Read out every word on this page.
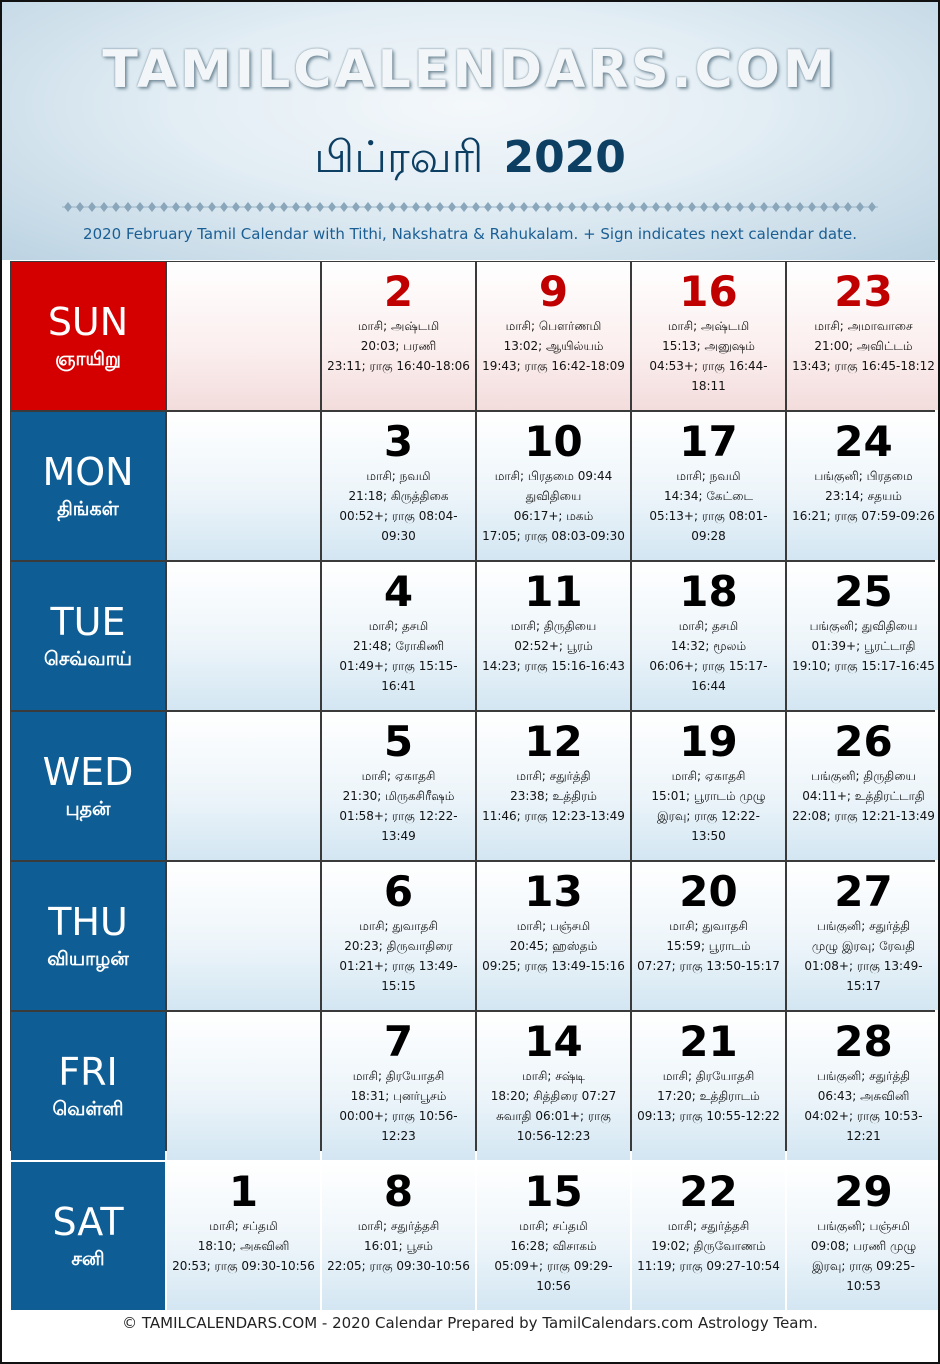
TAMILCALENDARS.COM
பிப்ரவரி 2020
2020 February Tamil Calendar with Tithi, Nakshatra & Rahukalam. + Sign indicates next calendar date.
SUN
ஞாயிறு
2
மாசி; அஷ்டமி
20:03; பரணி
23:11; ராகு 16:40-18:06
9
மாசி; பௌர்ணமி
13:02; ஆயில்யம்
19:43; ராகு 16:42-18:09
16
மாசி; அஷ்டமி
15:13; அனுஷம்
04:53+; ராகு 16:44-
18:11
23
மாசி; அமாவாசை
21:00; அவிட்டம்
13:43; ராகு 16:45-18:12
MON
திங்கள்
3
மாசி; நவமி
21:18; கிருத்திகை
00:52+; ராகு 08:04-
09:30
10
மாசி; பிரதமை 09:44
துவிதியை
06:17+; மகம்
17:05; ராகு 08:03-09:30
17
மாசி; நவமி
14:34; கேட்டை
05:13+; ராகு 08:01-
09:28
24
பங்குனி; பிரதமை
23:14; சதயம்
16:21; ராகு 07:59-09:26
TUE
செவ்வாய்
4
மாசி; தசமி
21:48; ரோகிணி
01:49+; ராகு 15:15-
16:41
11
மாசி; திருதியை
02:52+; பூரம்
14:23; ராகு 15:16-16:43
18
மாசி; தசமி
14:32; மூலம்
06:06+; ராகு 15:17-
16:44
25
பங்குனி; துவிதியை
01:39+; பூரட்டாதி
19:10; ராகு 15:17-16:45
WED
புதன்
5
மாசி; ஏகாதசி
21:30; மிருகசிரீஷம்
01:58+; ராகு 12:22-
13:49
12
மாசி; சதுர்த்தி
23:38; உத்திரம்
11:46; ராகு 12:23-13:49
19
மாசி; ஏகாதசி
15:01; பூராடம் முழு
இரவு; ராகு 12:22-
13:50
26
பங்குனி; திருதியை
04:11+; உத்திரட்டாதி
22:08; ராகு 12:21-13:49
THU
வியாழன்
6
மாசி; துவாதசி
20:23; திருவாதிரை
01:21+; ராகு 13:49-
15:15
13
மாசி; பஞ்சமி
20:45; ஹஸ்தம்
09:25; ராகு 13:49-15:16
20
மாசி; துவாதசி
15:59; பூராடம்
07:27; ராகு 13:50-15:17
27
பங்குனி; சதுர்த்தி
முழு இரவு; ரேவதி
01:08+; ராகு 13:49-
15:17
FRI
வெள்ளி
7
மாசி; திரயோதசி
18:31; புனர்பூசம்
00:00+; ராகு 10:56-
12:23
14
மாசி; சஷ்டி
18:20; சித்திரை 07:27
சுவாதி 06:01+; ராகு
10:56-12:23
21
மாசி; திரயோதசி
17:20; உத்திராடம்
09:13; ராகு 10:55-12:22
28
பங்குனி; சதுர்த்தி
06:43; அசுவினி
04:02+; ராகு 10:53-
12:21
SAT
சனி
1
மாசி; சப்தமி
18:10; அசுவினி
20:53; ராகு 09:30-10:56
8
மாசி; சதுர்த்தசி
16:01; பூசம்
22:05; ராகு 09:30-10:56
15
மாசி; சப்தமி
16:28; விசாகம்
05:09+; ராகு 09:29-
10:56
22
மாசி; சதுர்த்தசி
19:02; திருவோணம்
11:19; ராகு 09:27-10:54
29
பங்குனி; பஞ்சமி
09:08; பரணி முழு
இரவு; ராகு 09:25-
10:53
© TAMILCALENDARS.COM - 2020 Calendar Prepared by TamilCalendars.com Astrology Team.
